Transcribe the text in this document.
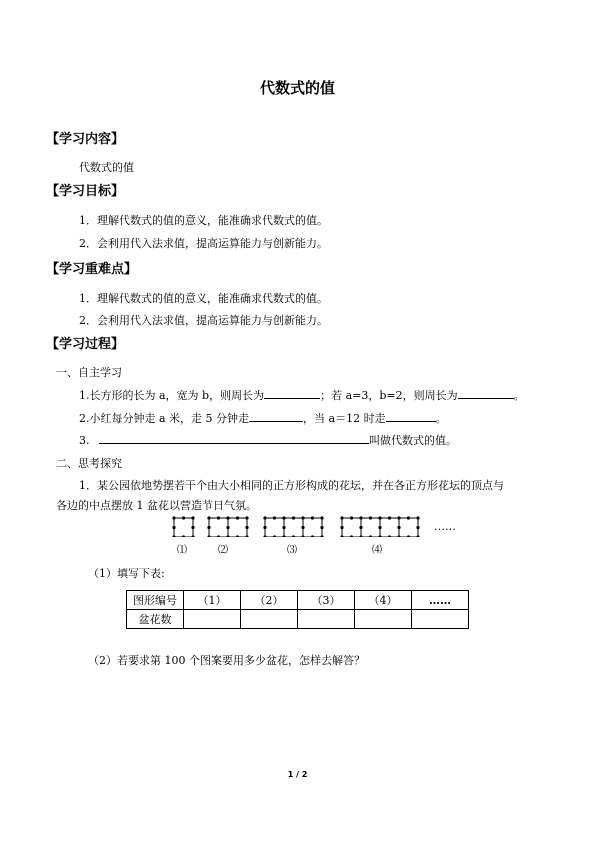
代数式的值
【学习内容】
代数式的值
【学习目标】
1．理解代数式的值的意义，能准确求代数式的值。
2．会利用代入法求值，提高运算能力与创新能力。
【学习重难点】
1．理解代数式的值的意义，能准确求代数式的值。
2．会利用代入法求值，提高运算能力与创新能力。
【学习过程】
一、自主学习
1.长方形的长为 a，宽为 b，则周长为	；若 a=3，b=2，则周长为	。
2.小红每分钟走 a 米，走 5 分钟走	，当 a＝12 时走	。
3.	叫做代数式的值。
二、思考探究
1．某公园依地势摆若干个由大小相同的正方形构成的花坛，并在各正方形花坛的顶点与
各边的中点摆放 1 盆花以营造节日气氛。
……
⑴	⑵	⑶	⑷
（1）填写下表:
图形编号	（1）	（2）	（3）	（4）	……
盆花数					
（2）若要求第 100 个图案要用多少盆花，怎样去解答？
1 / 2
